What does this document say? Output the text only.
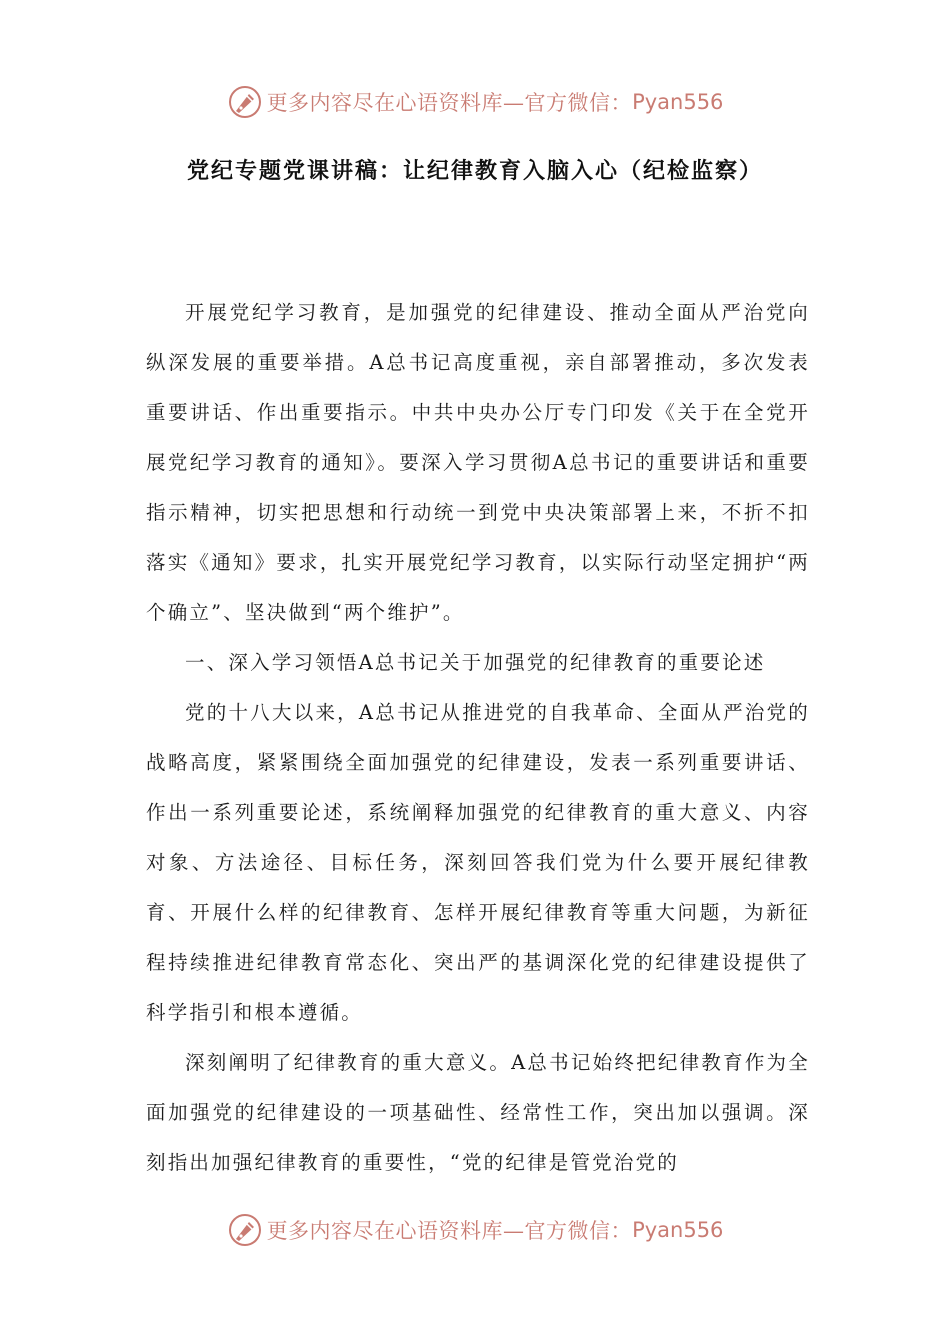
更多内容尽在心语资料库—官方微信： Pyan556
党纪专题党课讲稿：让纪律教育入脑入心（纪检监察）

开展党纪学习教育，是加强党的纪律建设、推动全面从严治党向纵深发展的重要举措。A总书记高度重视，亲自部署推动，多次发表重要讲话、作出重要指示。中共中央办公厅专门印发《关于在全党开展党纪学习教育的通知》。要深入学习贯彻A总书记的重要讲话和重要指示精神，切实把思想和行动统一到党中央决策部署上来，不折不扣落实《通知》要求，扎实开展党纪学习教育，以实际行动坚定拥护“两个确立”、坚决做到“两个维护”。

一、深入学习领悟A总书记关于加强党的纪律教育的重要论述

党的十八大以来，A总书记从推进党的自我革命、全面从严治党的战略高度，紧紧围绕全面加强党的纪律建设，发表一系列重要讲话、作出一系列重要论述，系统阐释加强党的纪律教育的重大意义、内容对象、方法途径、目标任务，深刻回答我们党为什么要开展纪律教育、开展什么样的纪律教育、怎样开展纪律教育等重大问题，为新征程持续推进纪律教育常态化、突出严的基调深化党的纪律建设提供了科学指引和根本遵循。

深刻阐明了纪律教育的重大意义。A总书记始终把纪律教育作为全面加强党的纪律建设的一项基础性、经常性工作，突出加以强调。深刻指出加强纪律教育的重要性，“党的纪律是管党治党的

更多内容尽在心语资料库—官方微信： Pyan556
